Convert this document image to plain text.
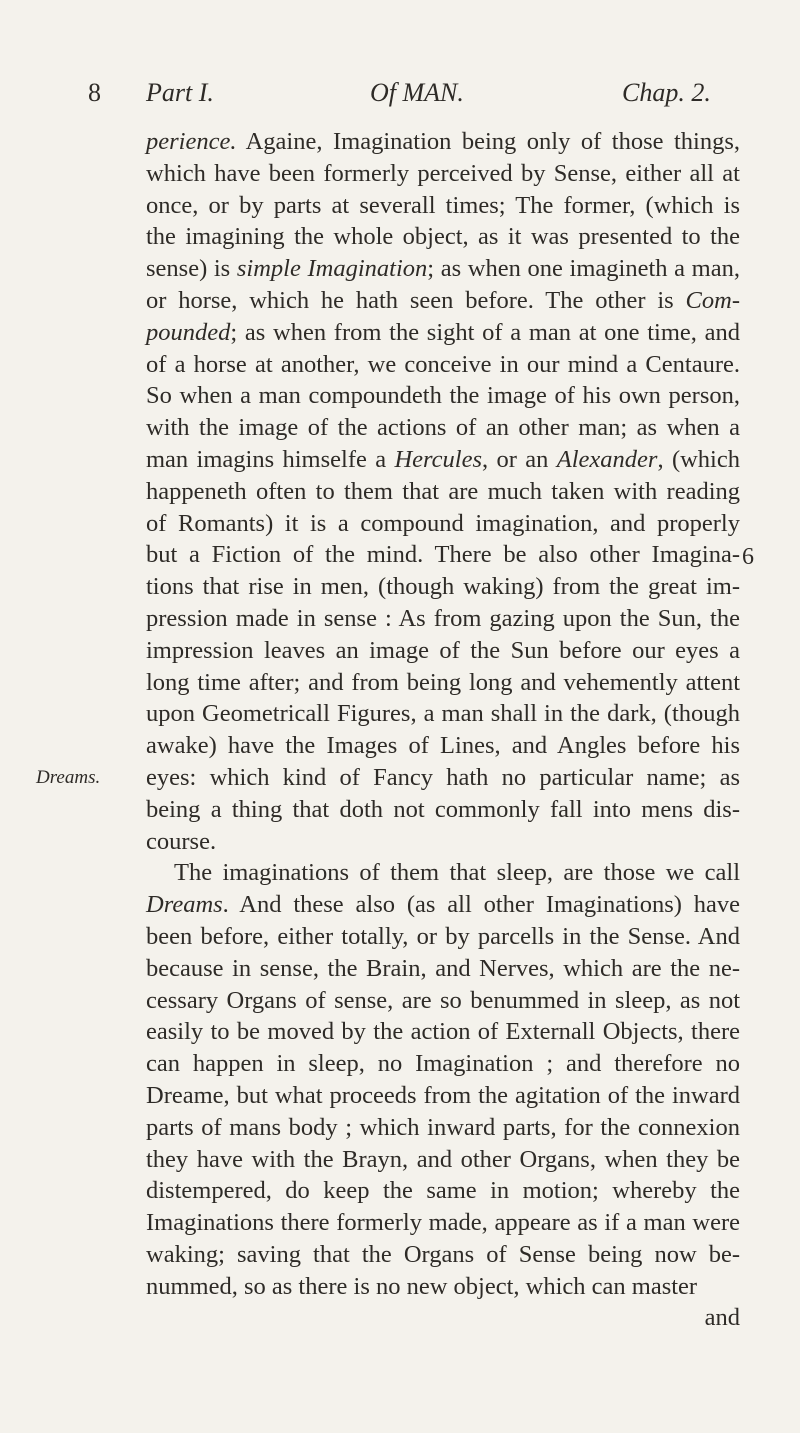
8 Part I.	Of MAN.	Chap. 2.
6
Dreams.
perience. Againe, Imagination being only of those things,
which have been formerly perceived by Sense, either all at
once, or by parts at severall times; The former, (which is
the imagining the whole object, as it was presented to the
sense) is simple Imagination; as when one imagineth a man,
or horse, which he hath seen before. The other is Com-
pounded; as when from the sight of a man at one time, and
of a horse at another, we conceive in our mind a Centaure.
So when a man compoundeth the image of his own person,
with the image of the actions of an other man; as when a
man imagins himselfe a Hercules, or an Alexander, (which
happeneth often to them that are much taken with reading
of Romants) it is a compound imagination, and properly
but a Fiction of the mind. There be also other Imagina-
tions that rise in men, (though waking) from the great im-
pression made in sense : As from gazing upon the Sun, the
impression leaves an image of the Sun before our eyes a
long time after; and from being long and vehemently attent
upon Geometricall Figures, a man shall in the dark, (though
awake) have the Images of Lines, and Angles before his
eyes: which kind of Fancy hath no particular name; as
being a thing that doth not commonly fall into mens dis-
course.
The imaginations of them that sleep, are those we call
Dreams. And these also (as all other Imaginations) have
been before, either totally, or by parcells in the Sense. And
because in sense, the Brain, and Nerves, which are the ne-
cessary Organs of sense, are so benummed in sleep, as not
easily to be moved by the action of Externall Objects, there
can happen in sleep, no Imagination ; and therefore no
Dreame, but what proceeds from the agitation of the inward
parts of mans body ; which inward parts, for the connexion
they have with the Brayn, and other Organs, when they be
distempered, do keep the same in motion; whereby the
Imaginations there formerly made, appeare as if a man were
waking; saving that the Organs of Sense being now be-
nummed, so as there is no new object, which can master
and
